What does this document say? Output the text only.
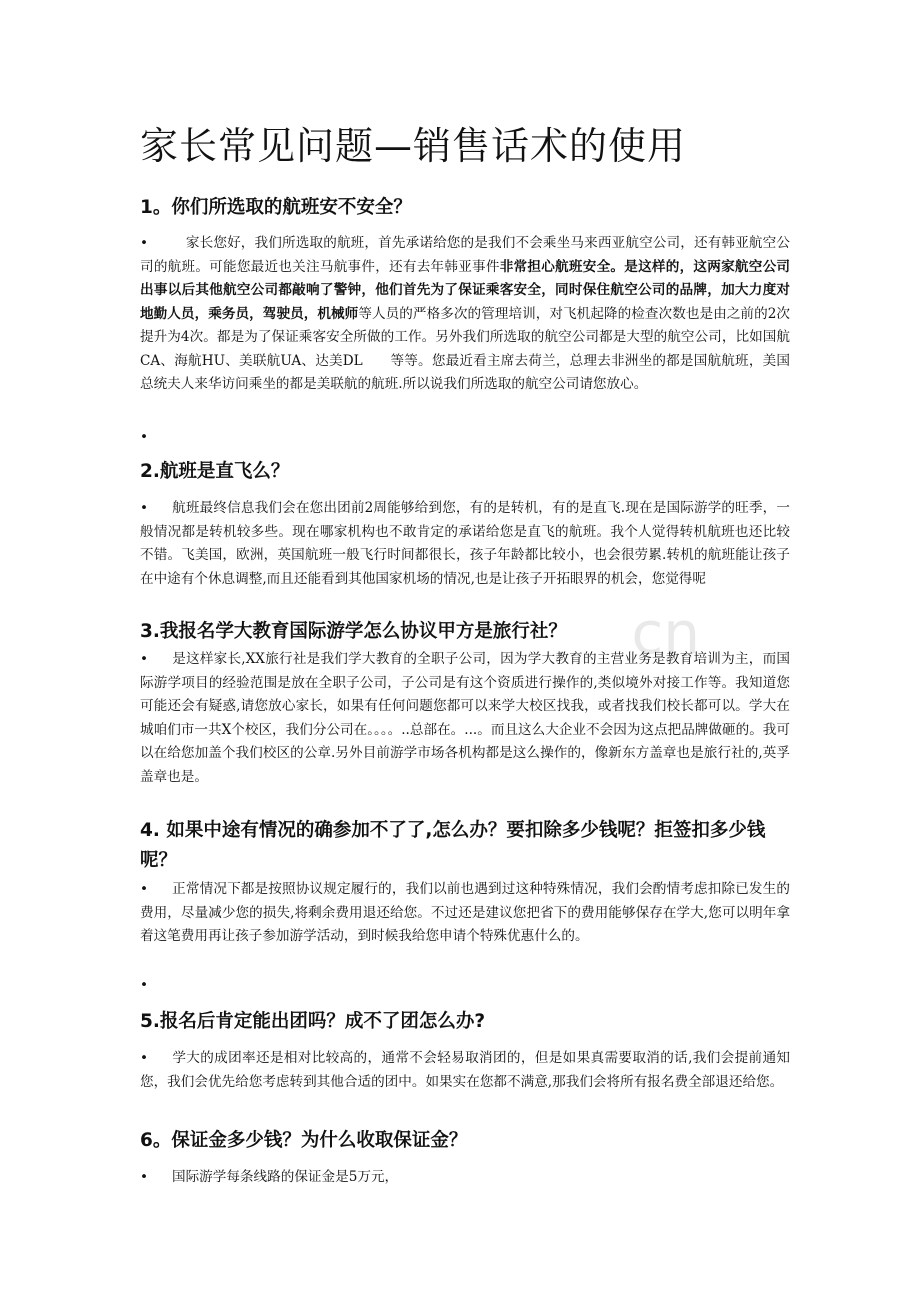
cn
家长常见问题—销售话术的使用
1。你们所选取的航班安不安全？

•　家长您好，我们所选取的航班，首先承诺给您的是我们不会乘坐马来西亚航空公司，还有韩亚航空公司的航班。可能您最近也关注马航事件，还有去年韩亚事件非常担心航班安全。是这样的，这两家航空公司出事以后其他航空公司都敲响了警钟，他们首先为了保证乘客安全，同时保住航空公司的品牌，加大力度对地勤人员，乘务员，驾驶员，机械师等人员的严格多次的管理培训，对飞机起降的检查次数也是由之前的2次提升为4次。都是为了保证乘客安全所做的工作。另外我们所选取的航空公司都是大型的航空公司，比如国航CA、海航HU、美联航UA、达美DL　　等等。您最近看主席去荷兰，总理去非洲坐的都是国航航班，美国总统夫人来华访问乘坐的都是美联航的航班.所以说我们所选取的航空公司请您放心。

•
2.航班是直飞么？

• 航班最终信息我们会在您出团前2周能够给到您，有的是转机，有的是直飞.现在是国际游学的旺季，一般情况都是转机较多些。现在哪家机构也不敢肯定的承诺给您是直飞的航班。我个人觉得转机航班也还比较不错。飞美国，欧洲，英国航班一般飞行时间都很长，孩子年龄都比较小，也会很劳累.转机的航班能让孩子在中途有个休息调整,而且还能看到其他国家机场的情况,也是让孩子开拓眼界的机会，您觉得呢

3.我报名学大教育国际游学怎么协议甲方是旅行社？

• 是这样家长,XX旅行社是我们学大教育的全职子公司，因为学大教育的主营业务是教育培训为主，而国际游学项目的经验范围是放在全职子公司，子公司是有这个资质进行操作的,类似境外对接工作等。我知道您可能还会有疑惑,请您放心家长，如果有任何问题您都可以来学大校区找我，或者找我们校长都可以。学大在城咱们市一共X个校区，我们分公司在。。。。..总部在。...。而且这么大企业不会因为这点把品牌做砸的。我可以在给您加盖个我们校区的公章.另外目前游学市场各机构都是这么操作的，像新东方盖章也是旅行社的,英孚盖章也是。

4. 如果中途有情况的确参加不了了,怎么办？要扣除多少钱呢？拒签扣多少钱呢？

• 正常情况下都是按照协议规定履行的，我们以前也遇到过这种特殊情况，我们会酌情考虑扣除已发生的费用，尽量减少您的损失,将剩余费用退还给您。不过还是建议您把省下的费用能够保存在学大,您可以明年拿着这笔费用再让孩子参加游学活动，到时候我给您申请个特殊优惠什么的。

•
5.报名后肯定能出团吗？成不了团怎么办?

• 学大的成团率还是相对比较高的，通常不会轻易取消团的，但是如果真需要取消的话,我们会提前通知您，我们会优先给您考虑转到其他合适的团中。如果实在您都不满意,那我们会将所有报名费全部退还给您。

6。保证金多少钱？为什么收取保证金？

• 国际游学每条线路的保证金是5万元，
